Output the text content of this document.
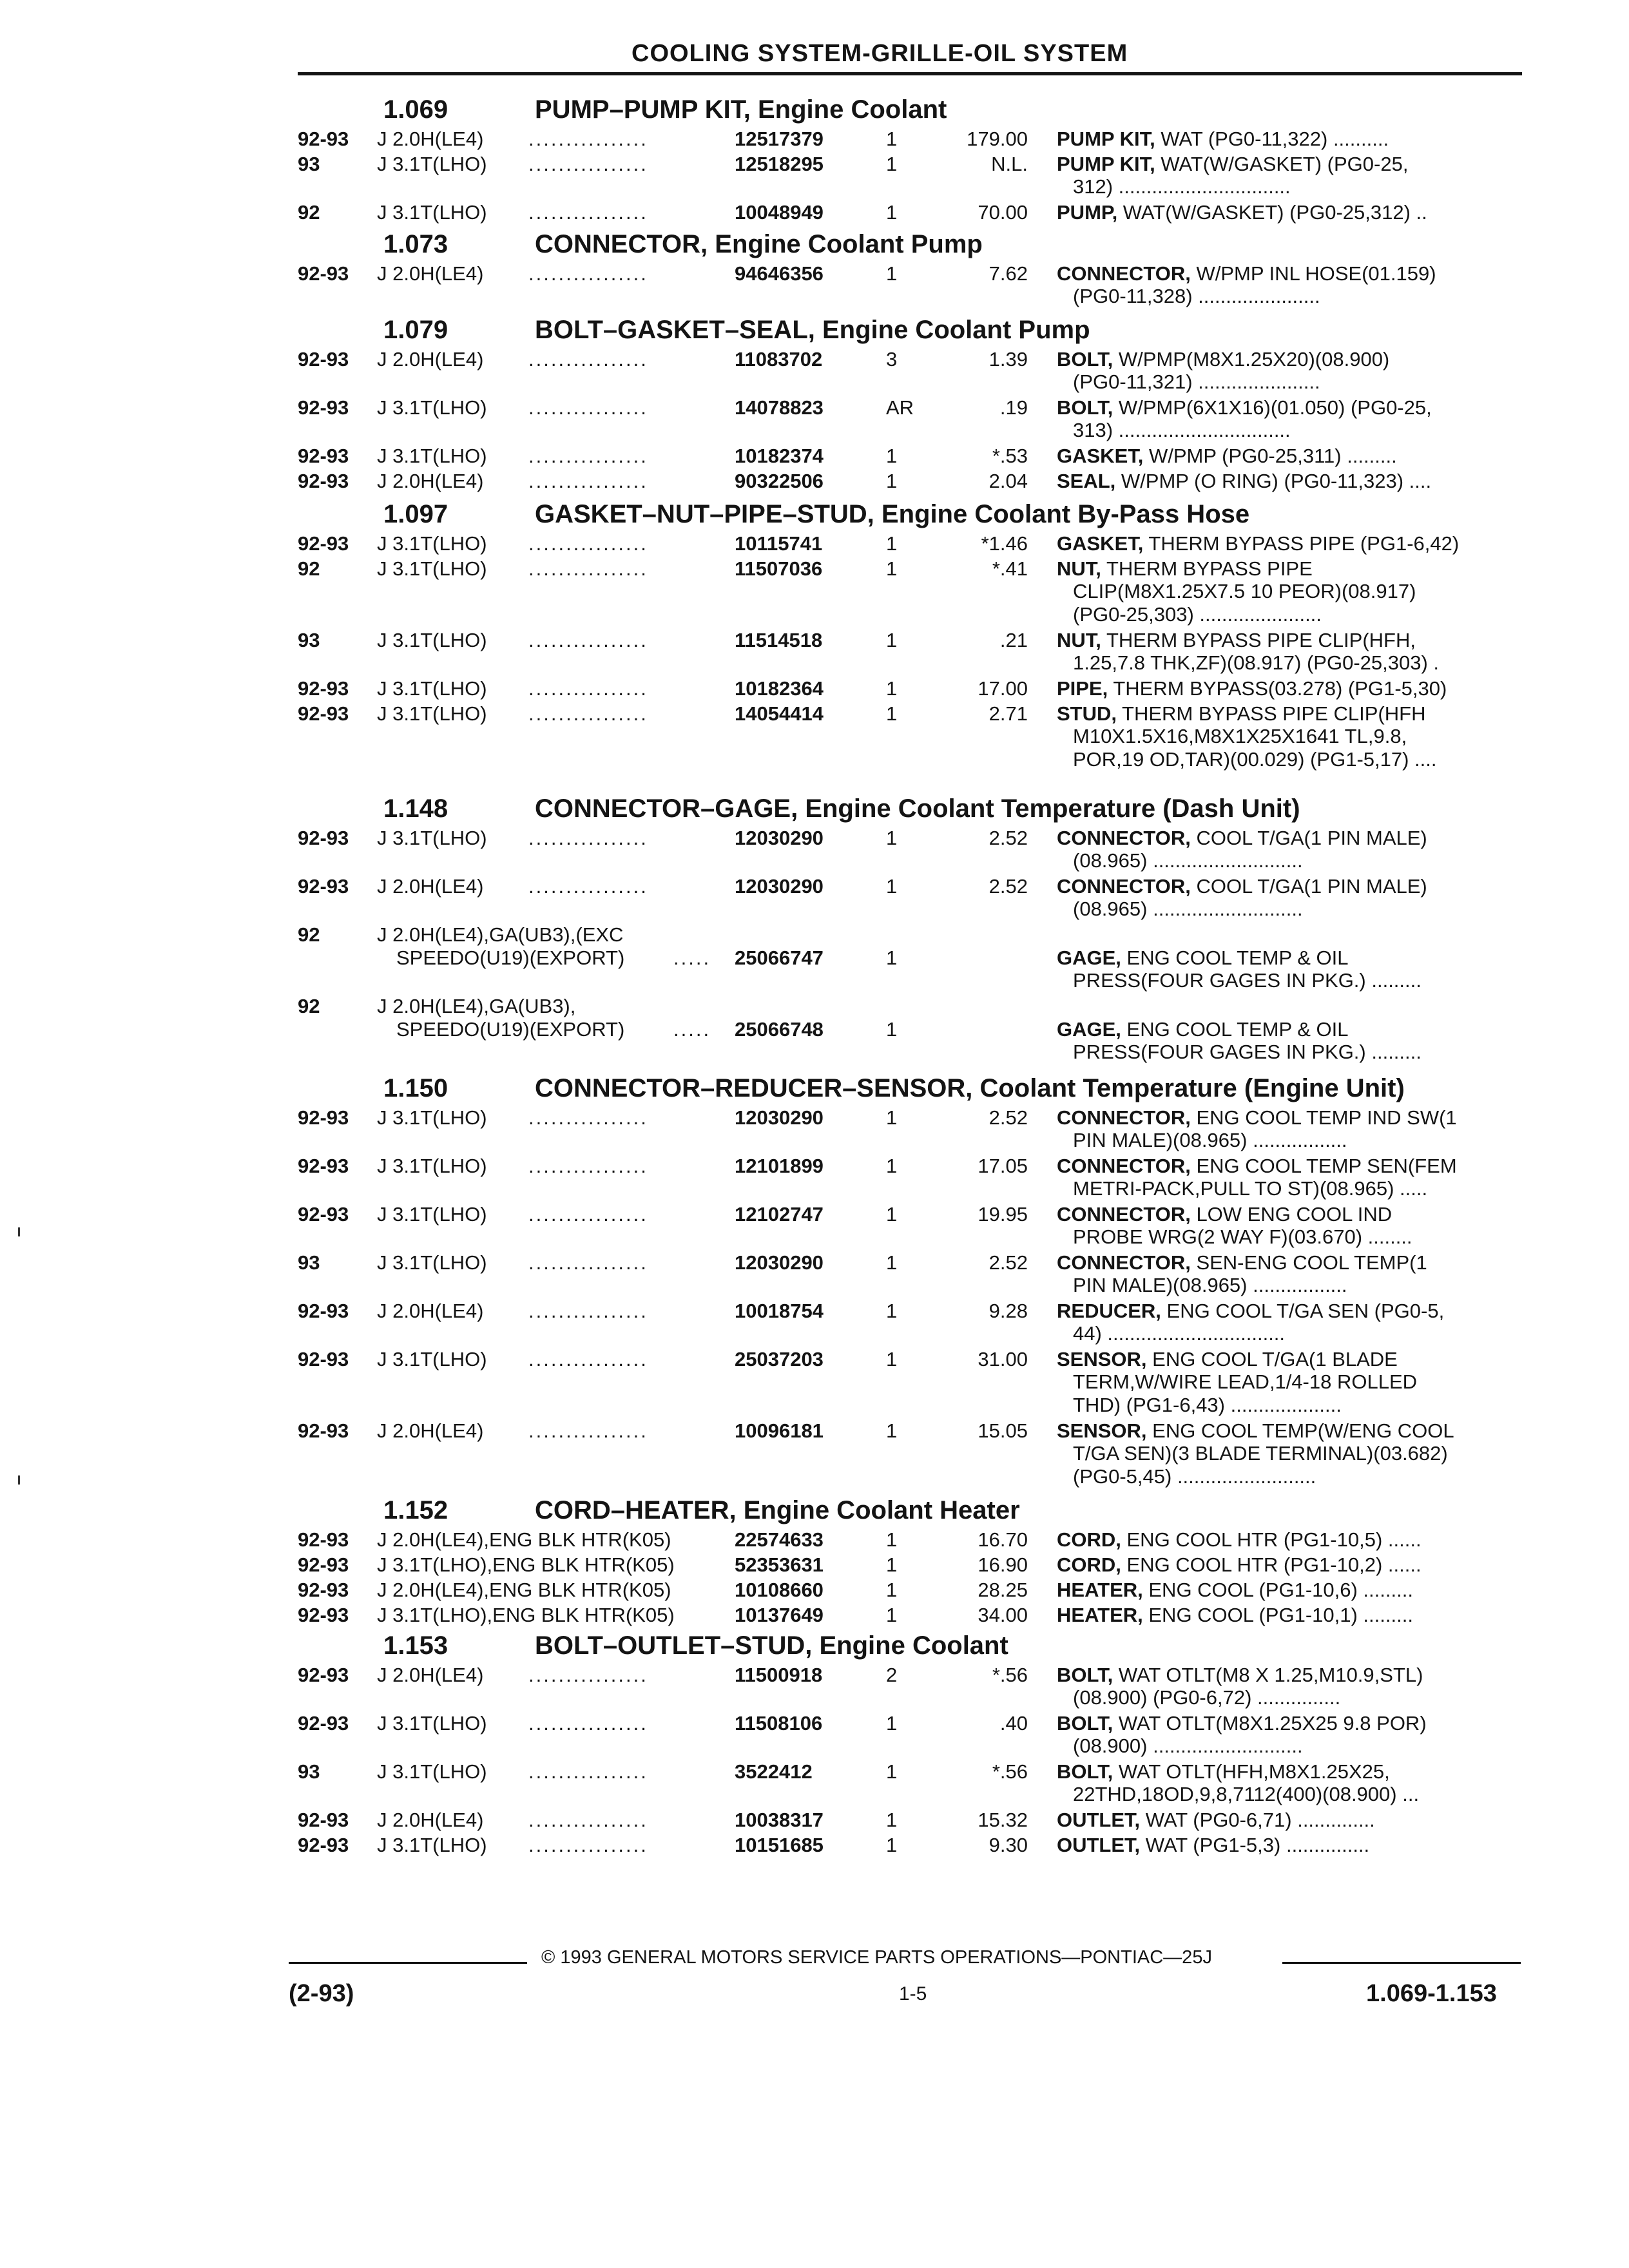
COOLING SYSTEM-GRILLE-OIL SYSTEM
1.069	PUMP–PUMP KIT, Engine Coolant
92-93 J 2.0H(LE4) ................	12517379	1	179.00 PUMP KIT, WAT (PG0-11,322) ..........
93	J 3.1T(LHO) ................	12518295	1	N.L. PUMP KIT, WAT(W/GASKET) (PG0-25,
312) ...............................
92	J 3.1T(LHO) ................	10048949	1	70.00 PUMP, WAT(W/GASKET) (PG0-25,312) ..
1.073	CONNECTOR, Engine Coolant Pump
92-93 J 2.0H(LE4) ................	94646356	1	7.62 CONNECTOR, W/PMP INL HOSE(01.159)
(PG0-11,328) ......................
1.079	BOLT–GASKET–SEAL, Engine Coolant Pump
92-93 J 2.0H(LE4) ................	11083702	3	1.39 BOLT, W/PMP(M8X1.25X20)(08.900)
(PG0-11,321) ......................
92-93 J 3.1T(LHO) ................	14078823	AR	.19 BOLT, W/PMP(6X1X16)(01.050) (PG0-25,
313) ...............................
92-93 J 3.1T(LHO) ................	10182374	1	*.53 GASKET, W/PMP (PG0-25,311) .........
92-93 J 2.0H(LE4) ................	90322506	1	2.04 SEAL, W/PMP (O RING) (PG0-11,323) ....
1.097	GASKET–NUT–PIPE–STUD, Engine Coolant By-Pass Hose
92-93 J 3.1T(LHO) ................	10115741	1	*1.46 GASKET, THERM BYPASS PIPE (PG1-6,42)
92	J 3.1T(LHO) ................	11507036	1	*.41 NUT, THERM BYPASS PIPE
CLIP(M8X1.25X7.5 10 PEOR)(08.917)
(PG0-25,303) ......................
93	J 3.1T(LHO) ................	11514518	1	.21 NUT, THERM BYPASS PIPE CLIP(HFH,
1.25,7.8 THK,ZF)(08.917) (PG0-25,303) .
92-93 J 3.1T(LHO) ................	10182364	1	17.00 PIPE, THERM BYPASS(03.278) (PG1-5,30)
92-93 J 3.1T(LHO) ................	14054414	1	2.71 STUD, THERM BYPASS PIPE CLIP(HFH
M10X1.5X16,M8X1X25X1641 TL,9.8,
POR,19 OD,TAR)(00.029) (PG1-5,17) ....
1.148	CONNECTOR–GAGE, Engine Coolant Temperature (Dash Unit)
92-93 J 3.1T(LHO) ................	12030290	1	2.52 CONNECTOR, COOL T/GA(1 PIN MALE)
(08.965) ...........................
92-93 J 2.0H(LE4) ................	12030290	1	2.52 CONNECTOR, COOL T/GA(1 PIN MALE)
(08.965) ...........................
92	J 2.0H(LE4),GA(UB3),(EXC
SPEEDO(U19)(EXPORT) ..... 25066747	1	GAGE, ENG COOL TEMP & OIL
PRESS(FOUR GAGES IN PKG.) .........
92	J 2.0H(LE4),GA(UB3),
SPEEDO(U19)(EXPORT) ..... 25066748	1	GAGE, ENG COOL TEMP & OIL
PRESS(FOUR GAGES IN PKG.) .........
1.150	CONNECTOR–REDUCER–SENSOR, Coolant Temperature (Engine Unit)
92-93 J 3.1T(LHO) ................	12030290	1	2.52 CONNECTOR, ENG COOL TEMP IND SW(1
PIN MALE)(08.965) .................
92-93 J 3.1T(LHO) ................	12101899	1	17.05 CONNECTOR, ENG COOL TEMP SEN(FEM
METRI-PACK,PULL TO ST)(08.965) .....
92-93 J 3.1T(LHO) ................	12102747	1	19.95 CONNECTOR, LOW ENG COOL IND
PROBE WRG(2 WAY F)(03.670) ........
93	J 3.1T(LHO) ................	12030290	1	2.52 CONNECTOR, SEN-ENG COOL TEMP(1
PIN MALE)(08.965) .................
92-93 J 2.0H(LE4) ................	10018754	1	9.28 REDUCER, ENG COOL T/GA SEN (PG0-5,
44) ................................
92-93 J 3.1T(LHO) ................	25037203	1	31.00 SENSOR, ENG COOL T/GA(1 BLADE
TERM,W/WIRE LEAD,1/4-18 ROLLED
THD) (PG1-6,43) ....................
92-93 J 2.0H(LE4) ................	10096181	1	15.05 SENSOR, ENG COOL TEMP(W/ENG COOL
T/GA SEN)(3 BLADE TERMINAL)(03.682)
(PG0-5,45) .........................
1.152	CORD–HEATER, Engine Coolant Heater
92-93 J 2.0H(LE4),ENG BLK HTR(K05)	22574633	1	16.70 CORD, ENG COOL HTR (PG1-10,5) ......
92-93 J 3.1T(LHO),ENG BLK HTR(K05)	52353631	1	16.90 CORD, ENG COOL HTR (PG1-10,2) ......
92-93 J 2.0H(LE4),ENG BLK HTR(K05)	10108660	1	28.25 HEATER, ENG COOL (PG1-10,6) .........
92-93 J 3.1T(LHO),ENG BLK HTR(K05)	10137649	1	34.00 HEATER, ENG COOL (PG1-10,1) .........
1.153	BOLT–OUTLET–STUD, Engine Coolant
92-93 J 2.0H(LE4) ................	11500918	2	*.56 BOLT, WAT OTLT(M8 X 1.25,M10.9,STL)
(08.900) (PG0-6,72) ...............
92-93 J 3.1T(LHO) ................	11508106	1	.40 BOLT, WAT OTLT(M8X1.25X25 9.8 POR)
(08.900) ...........................
93	J 3.1T(LHO) ................	3522412	1	*.56 BOLT, WAT OTLT(HFH,M8X1.25X25,
22THD,18OD,9,8,7112(400)(08.900) ...
92-93 J 2.0H(LE4) ................	10038317	1	15.32 OUTLET, WAT (PG0-6,71) ..............
92-93 J 3.1T(LHO) ................	10151685	1	9.30 OUTLET, WAT (PG1-5,3) ...............
© 1993 GENERAL MOTORS SERVICE PARTS OPERATIONS—PONTIAC—25J
(2-93)	1-5	1.069-1.153
